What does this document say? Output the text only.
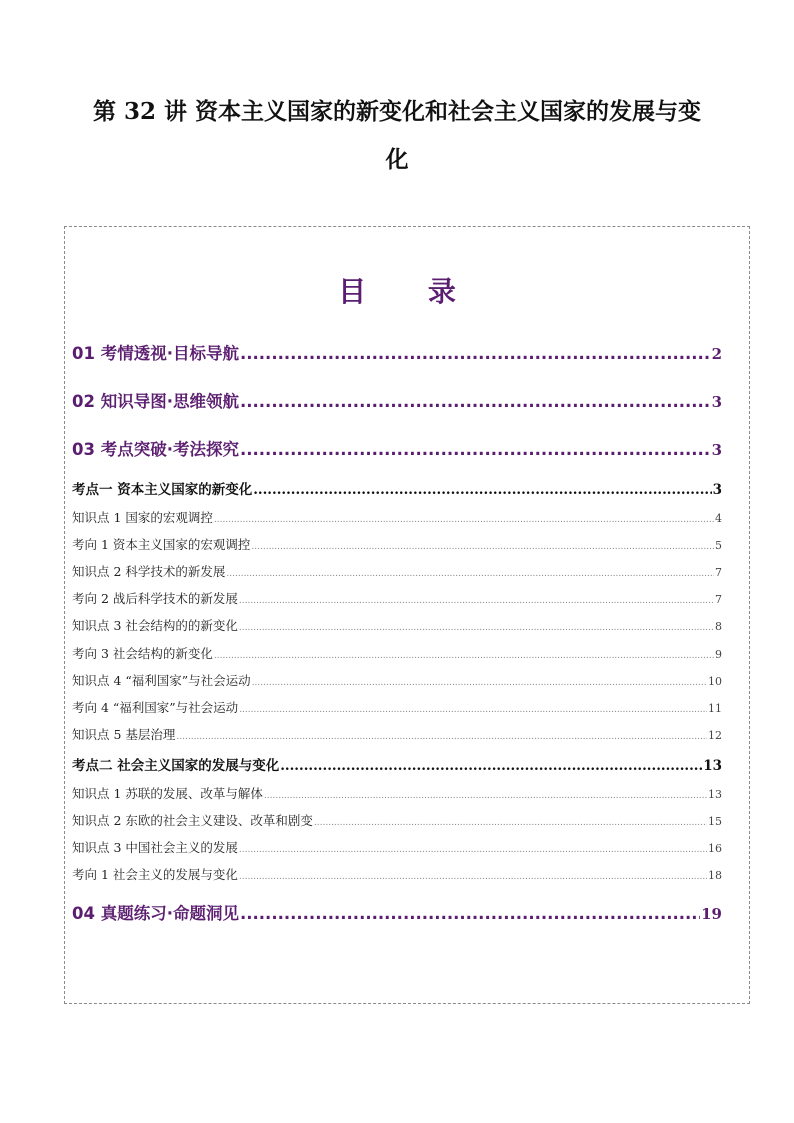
第 32 讲 资本主义国家的新变化和社会主义国家的发展与变
化
目 录
01 考情透视·目标导航 .....	2
02 知识导图·思维领航 .....	3
03 考点突破·考法探究 .....	3
考点一 资本主义国家的新变化 .....	3
知识点 1 国家的宏观调控 .....	4
考向 1 资本主义国家的宏观调控 .....	5
知识点 2 科学技术的新发展 .....	7
考向 2 战后科学技术的新发展 .....	7
知识点 3 社会结构的的新变化 .....	8
考向 3 社会结构的新变化 .....	9
知识点 4 “福利国家”与社会运动 .....	10
考向 4 “福利国家”与社会运动 .....	11
知识点 5 基层治理 .....	12
考点二 社会主义国家的发展与变化 .....	13
知识点 1 苏联的发展、改革与解体 .....	13
知识点 2 东欧的社会主义建设、改革和剧变 .....	15
知识点 3 中国社会主义的发展 .....	16
考向 1 社会主义的发展与变化 .....	18
04 真题练习·命题洞见 .....	19
